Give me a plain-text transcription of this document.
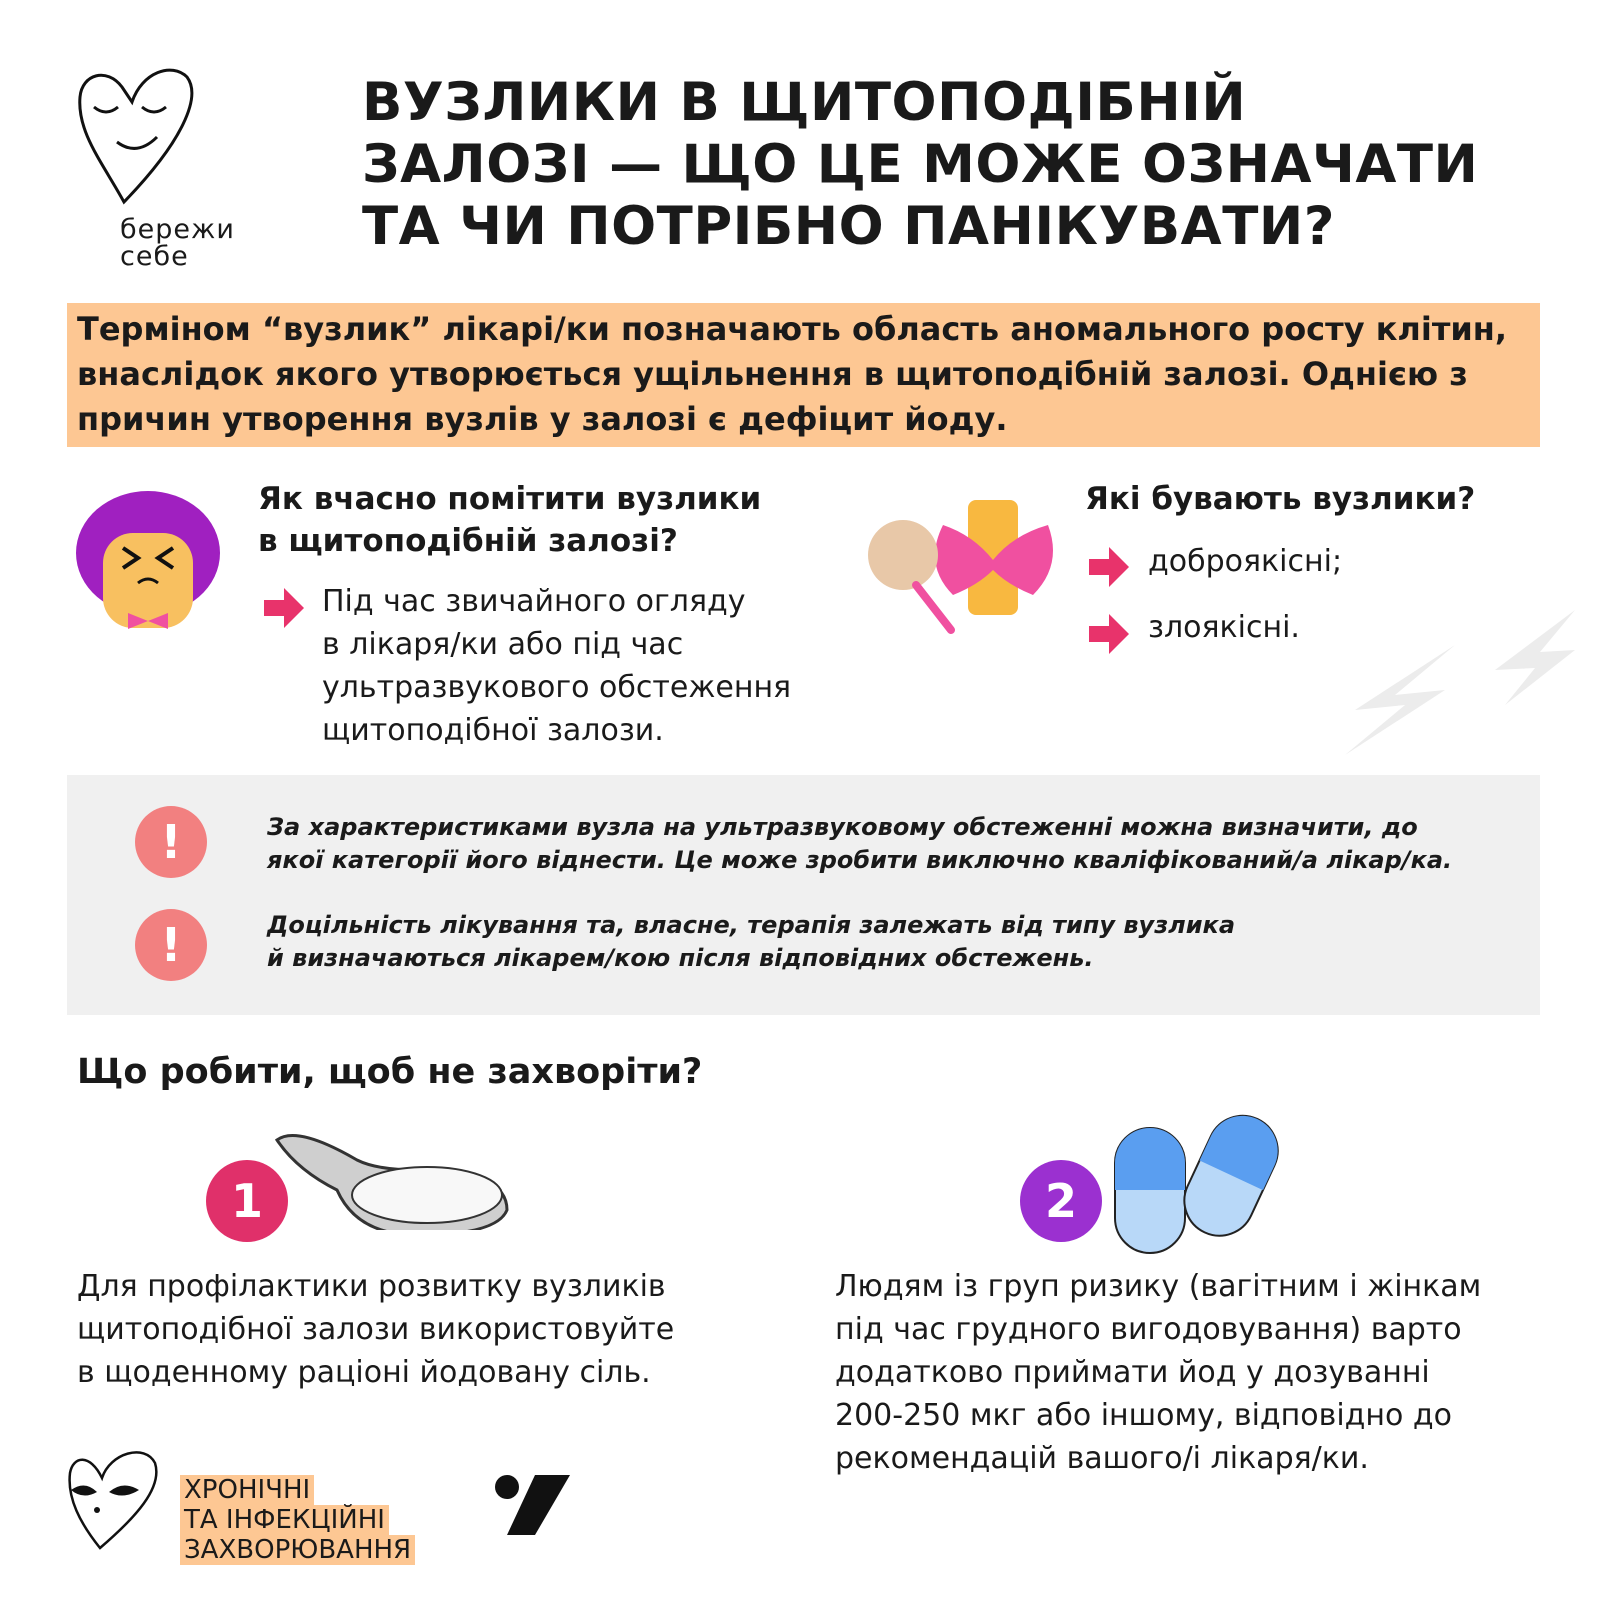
бережи
себе
ВУЗЛИКИ В ЩИТОПОДІБНІЙ
ЗАЛОЗІ — ЩО ЦЕ МОЖЕ ОЗНАЧАТИ
ТА ЧИ ПОТРІБНО ПАНІКУВАТИ?
Терміном “вузлик” лікарі/ки позначають область аномального росту клітин, внаслідок якого утворюється ущільнення в щитоподібній залозі. Однією з причин утворення вузлів у залозі є дефіцит йоду.
Як вчасно помітити вузлики
в щитоподібній залозі?
Під час звичайного огляду
в лікаря/ки або під час
ультразвукового обстеження
щитоподібної залози.
Які бувають вузлики?
доброякісні;
злоякісні.
!	За характеристиками вузла на ультразвуковому обстеженні можна визначити, до
якої категорії його віднести. Це може зробити виключно кваліфікований/а лікар/ка.
!	Доцільність лікування та, власне, терапія залежать від типу вузлика
й визначаються лікарем/кою після відповідних обстежень.
Що робити, щоб не захворіти?
1
Для профілактики розвитку вузликів
щитоподібної залози використовуйте
в щоденному раціоні йодовану сіль.
2
Людям із груп ризику (вагітним і жінкам
під час грудного вигодовування) варто
додатково приймати йод у дозуванні
200-250 мкг або іншому, відповідно до
рекомендацій вашого/і лікаря/ки.
ХРОНІЧНІ
ТА ІНФЕКЦІЙНІ
ЗАХВОРЮВАННЯ
